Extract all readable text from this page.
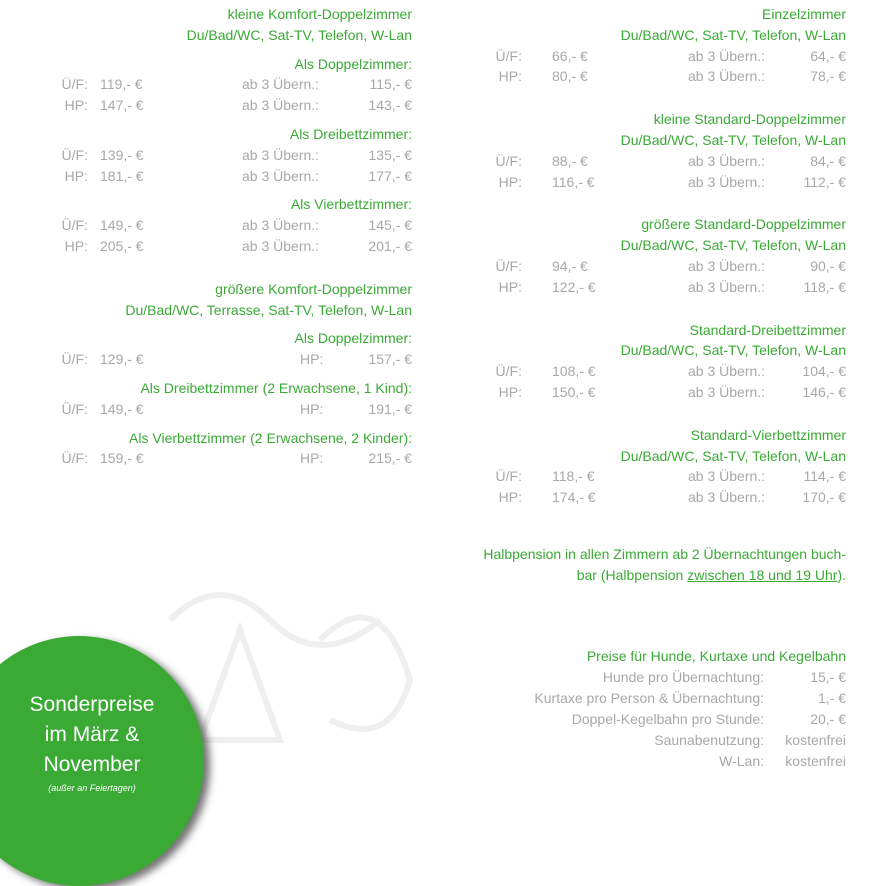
kleine Komfort-Doppelzimmer
Du/Bad/WC, Sat-TV, Telefon, W-Lan
Als Doppelzimmer:
Ü/F: 119,- €	ab 3 Übern.:	115,- €
HP: 147,- €	ab 3 Übern.:	143,- €
Als Dreibettzimmer:
Ü/F: 139,- €	ab 3 Übern.:	135,- €
HP: 181,- €	ab 3 Übern.:	177,- €
Als Vierbettzimmer:
Ü/F: 149,- €	ab 3 Übern.:	145,- €
HP: 205,- €	ab 3 Übern.:	201,- €
größere Komfort-Doppelzimmer
Du/Bad/WC, Terrasse, Sat-TV, Telefon, W-Lan
Als Doppelzimmer:
Ü/F: 129,- €	HP:	157,- €
Als Dreibettzimmer (2 Erwachsene, 1 Kind):
Ü/F: 149,- €	HP:	191,- €
Als Vierbettzimmer (2 Erwachsene, 2 Kinder):
Ü/F: 159,- €	HP:	215,- €
Einzelzimmer
Du/Bad/WC, Sat-TV, Telefon, W-Lan
Ü/F: 66,- €	ab 3 Übern.:	64,- €
HP: 80,- €	ab 3 Übern.:	78,- €
kleine Standard-Doppelzimmer
Du/Bad/WC, Sat-TV, Telefon, W-Lan
Ü/F: 88,- €	ab 3 Übern.:	84,- €
HP: 116,- €	ab 3 Übern.:	112,- €
größere Standard-Doppelzimmer
Du/Bad/WC, Sat-TV, Telefon, W-Lan
Ü/F: 94,- €	ab 3 Übern.:	90,- €
HP: 122,- €	ab 3 Übern.:	118,- €
Standard-Dreibettzimmer
Du/Bad/WC, Sat-TV, Telefon, W-Lan
Ü/F: 108,- €	ab 3 Übern.:	104,- €
HP: 150,- €	ab 3 Übern.:	146,- €
Standard-Vierbettzimmer
Du/Bad/WC, Sat-TV, Telefon, W-Lan
Ü/F: 118,- €	ab 3 Übern.:	114,- €
HP: 174,- €	ab 3 Übern.:	170,- €
Halbpension in allen Zimmern ab 2 Übernachtungen buch-
bar (Halbpension zwischen 18 und 19 Uhr).
Preise für Hunde, Kurtaxe und Kegelbahn
Hunde pro Übernachtung:	15,- €
Kurtaxe pro Person & Übernachtung:	1,- €
Doppel-Kegelbahn pro Stunde:	20,- €
Saunabenutzung: kostenfrei
W-Lan: kostenfrei
Sonderpreise
im März &
November
(außer an Feiertagen)
